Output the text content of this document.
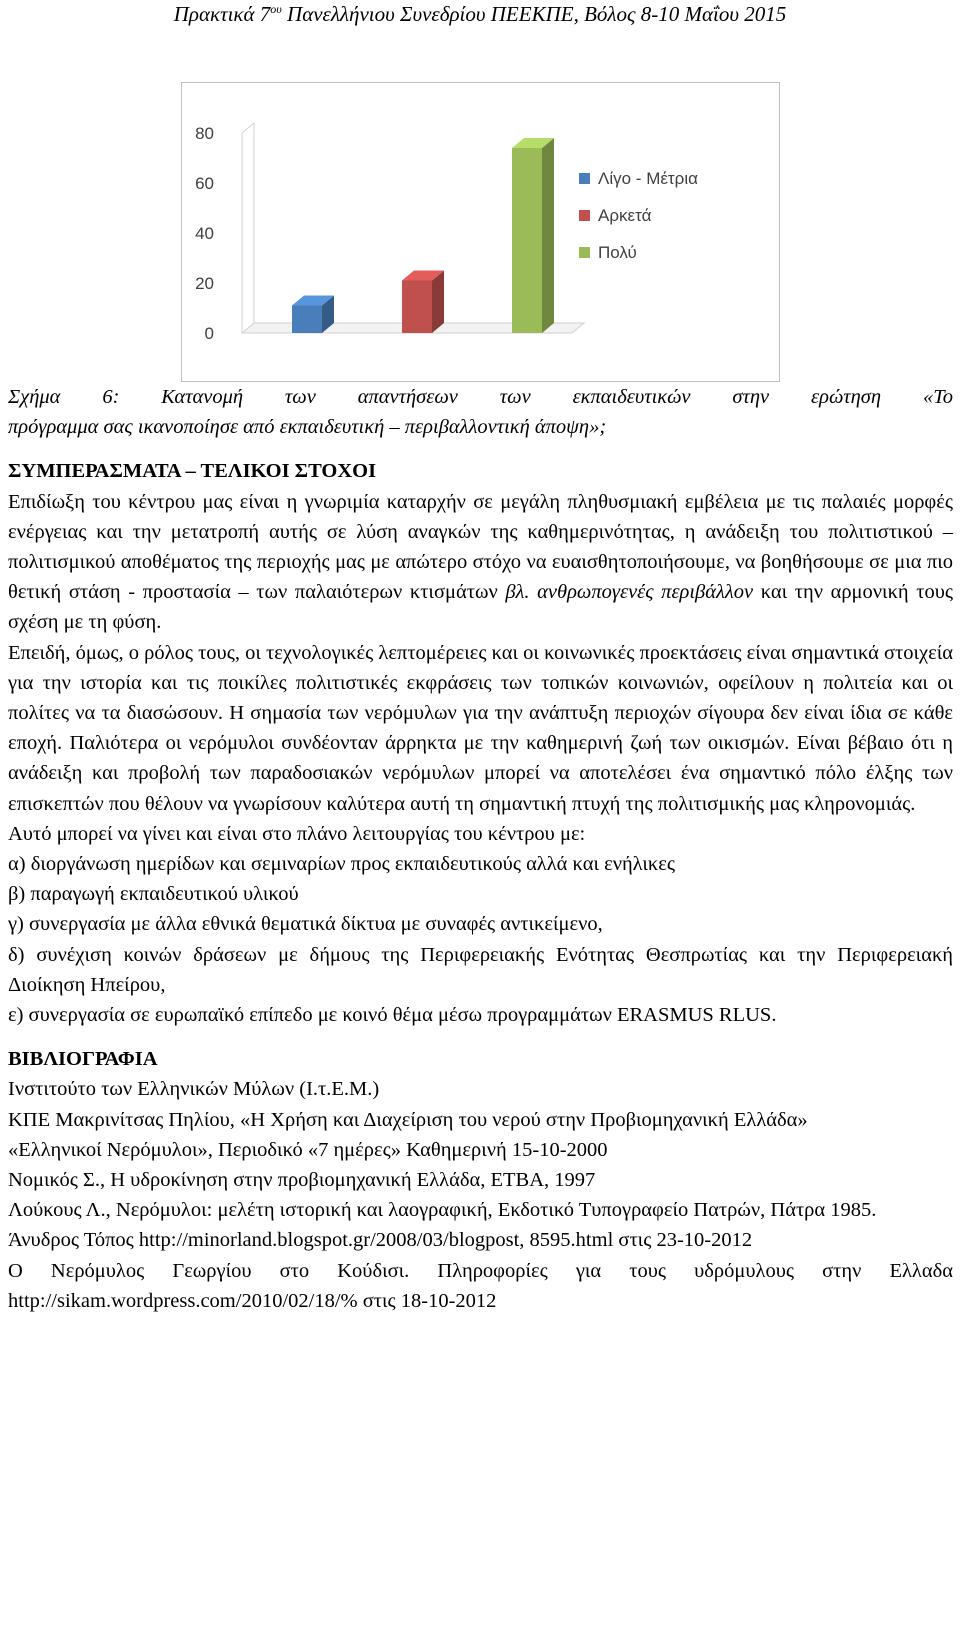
Πρακτικά $7^{o\upsilon}$ Πανελλήνιου Συνεδρίου ΠΕΕΚΠΕ, Βόλος 8-10 Μαΐου 2015
0
20
40
60
80
Λίγο - Μέτρια
Αρκετά
Πολύ

Σχήμα 6: Κατανομή των απαντήσεων των εκπαιδευτικών στην ερώτηση «Το

πρόγραμμα σας ικανοποίησε από εκπαιδευτική – περιβαλλοντική άποψη»;

ΣΥΜΠΕΡΑΣΜΑΤΑ – ΤΕΛΙΚΟΙ ΣΤΟΧΟΙ

Επιδίωξη του κέντρου μας είναι η γνωριμία καταρχήν σε μεγάλη πληθυσμιακή εμβέλεια με τις παλαιές μορφές ενέργειας και την μετατροπή αυτής σε λύση αναγκών της καθημερινότητας, η ανάδειξη του πολιτιστικού – πολιτισμικού αποθέματος της περιοχής μας με απώτερο στόχο να ευαισθητοποιήσουμε, να βοηθήσουμε σε μια πιο θετική στάση - προστασία – των παλαιότερων κτισμάτων βλ. ανθρωπογενές περιβάλλον και την αρμονική τους σχέση με τη φύση.

Επειδή, όμως, ο ρόλος τους, οι τεχνολογικές λεπτομέρειες και οι κοινωνικές προεκτάσεις είναι σημαντικά στοιχεία για την ιστορία και τις ποικίλες πολιτιστικές εκφράσεις των τοπικών κοινωνιών, οφείλουν η πολιτεία και οι πολίτες να τα διασώσουν. Η σημασία των νερόμυλων για την ανάπτυξη περιοχών σίγουρα δεν είναι ίδια σε κάθε εποχή. Παλιότερα οι νερόμυλοι συνδέονταν άρρηκτα με την καθημερινή ζωή των οικισμών. Είναι βέβαιο ότι η ανάδειξη και προβολή των παραδοσιακών νερόμυλων μπορεί να αποτελέσει ένα σημαντικό πόλο έλξης των επισκεπτών που θέλουν να γνωρίσουν καλύτερα αυτή τη σημαντική πτυχή της πολιτισμικής μας κληρονομιάς.

Αυτό μπορεί να γίνει και είναι στο πλάνο λειτουργίας του κέντρου με:

α) διοργάνωση ημερίδων και σεμιναρίων προς εκπαιδευτικούς αλλά και ενήλικες

β) παραγωγή εκπαιδευτικού υλικού

γ) συνεργασία με άλλα εθνικά θεματικά δίκτυα με συναφές αντικείμενο,

δ) συνέχιση κοινών δράσεων με δήμους της Περιφερειακής Ενότητας Θεσπρωτίας και την Περιφερειακή Διοίκηση Ηπείρου,

ε) συνεργασία σε ευρωπαϊκό επίπεδο με κοινό θέμα μέσω προγραμμάτων ERASMUS RLUS.

ΒΙΒΛΙΟΓΡΑΦΙΑ

Ινστιτούτο των Ελληνικών Μύλων (Ι.τ.Ε.Μ.)

ΚΠΕ Μακρινίτσας Πηλίου, «Η Χρήση και Διαχείριση του νερού στην Προβιομηχανική Ελλάδα»

«Ελληνικοί Νερόμυλοι», Περιοδικό «7 ημέρες» Καθημερινή 15-10-2000

Νομικός Σ., Η υδροκίνηση στην προβιομηχανική Ελλάδα, ΕΤΒΑ, 1997

Λούκους Λ., Νερόμυλοι: μελέτη ιστορική και λαογραφική, Εκδοτικό Τυπογραφείο Πατρών, Πάτρα 1985.

Άνυδρος Τόπος http://minorland.blogspot.gr/2008/03/blogpost, 8595.html στις 23-10-2012

Ο Νερόμυλος Γεωργίου στο Κούδισι. Πληροφορίες για τους υδρόμυλους στην Ελλαδα http://sikam.wordpress.com/2010/02/18/% στις 18-10-2012
